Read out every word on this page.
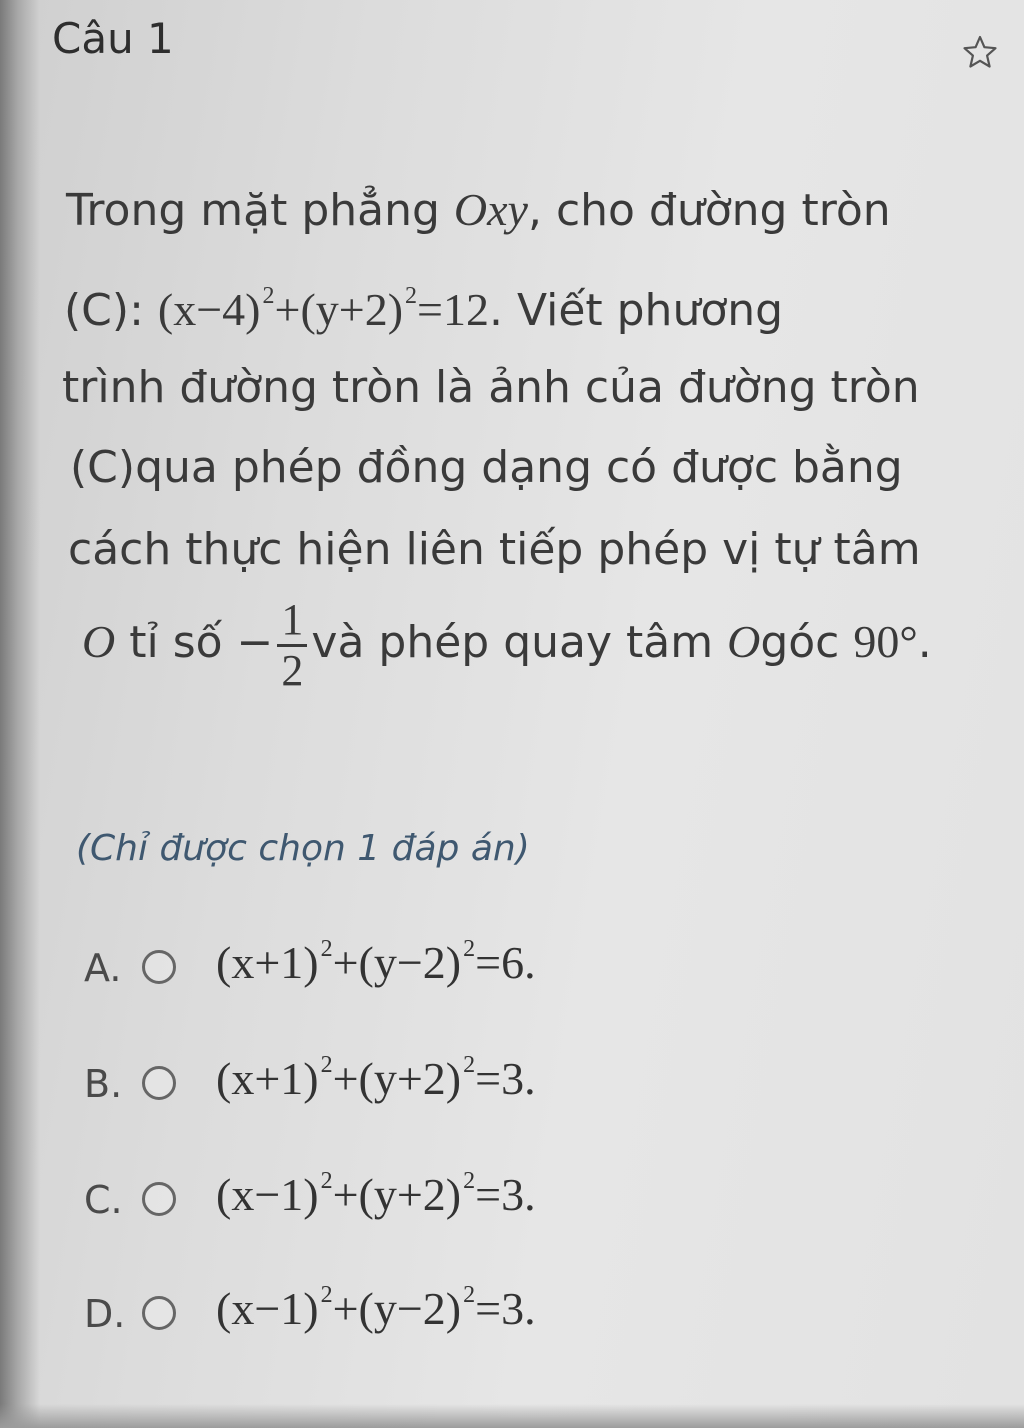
Câu 1
Trong mặt phẳng Oxy, cho đường tròn
(C): $(x-4)^2+(y+2)^2=12$. Viết phương
trình đường tròn là ảnh của đường tròn
(C)qua phép đồng dạng có được bằng
cách thực hiện liên tiếp phép vị tự tâm
O tỉ số − $\frac{1}{2}$ và phép quay tâm Ogóc 90°.
(Chỉ được chọn 1 đáp án)
A. $(x+1)^2+(y-2)^2=6$.
B. $(x+1)^2+(y+2)^2=3$.
C. $(x-1)^2+(y+2)^2=3$.
D. $(x-1)^2+(y-2)^2=3$.
